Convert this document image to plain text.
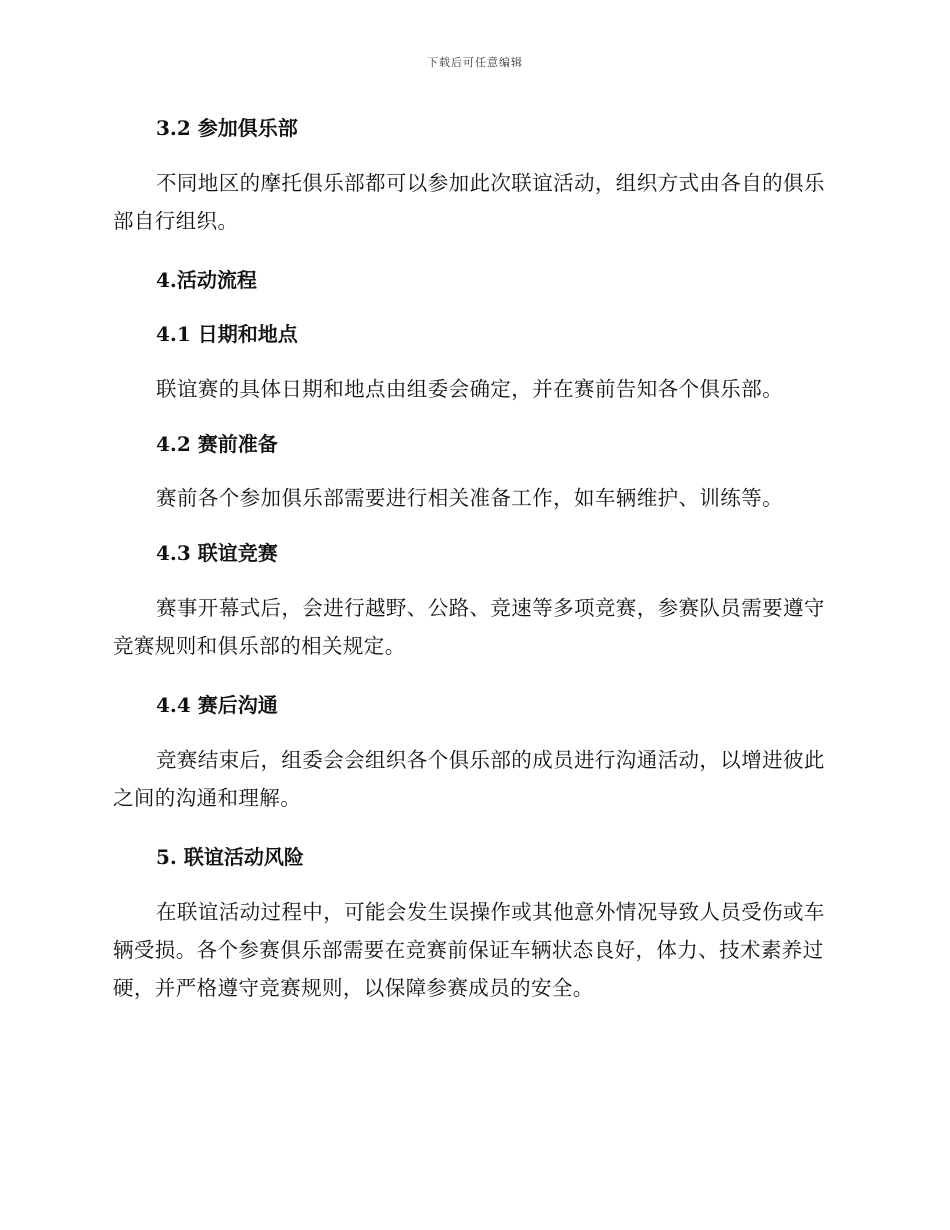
下载后可任意编辑
3.2 参加俱乐部
不同地区的摩托俱乐部都可以参加此次联谊活动，组织方式由各自的俱乐部自行组织。
4.活动流程
4.1 日期和地点
联谊赛的具体日期和地点由组委会确定，并在赛前告知各个俱乐部。
4.2 赛前准备
赛前各个参加俱乐部需要进行相关准备工作，如车辆维护、训练等。
4.3 联谊竞赛
赛事开幕式后，会进行越野、公路、竞速等多项竞赛，参赛队员需要遵守竞赛规则和俱乐部的相关规定。
4.4 赛后沟通
竞赛结束后，组委会会组织各个俱乐部的成员进行沟通活动，以增进彼此之间的沟通和理解。
5. 联谊活动风险
在联谊活动过程中，可能会发生误操作或其他意外情况导致人员受伤或车辆受损。各个参赛俱乐部需要在竞赛前保证车辆状态良好，体力、技术素养过硬，并严格遵守竞赛规则，以保障参赛成员的安全。
